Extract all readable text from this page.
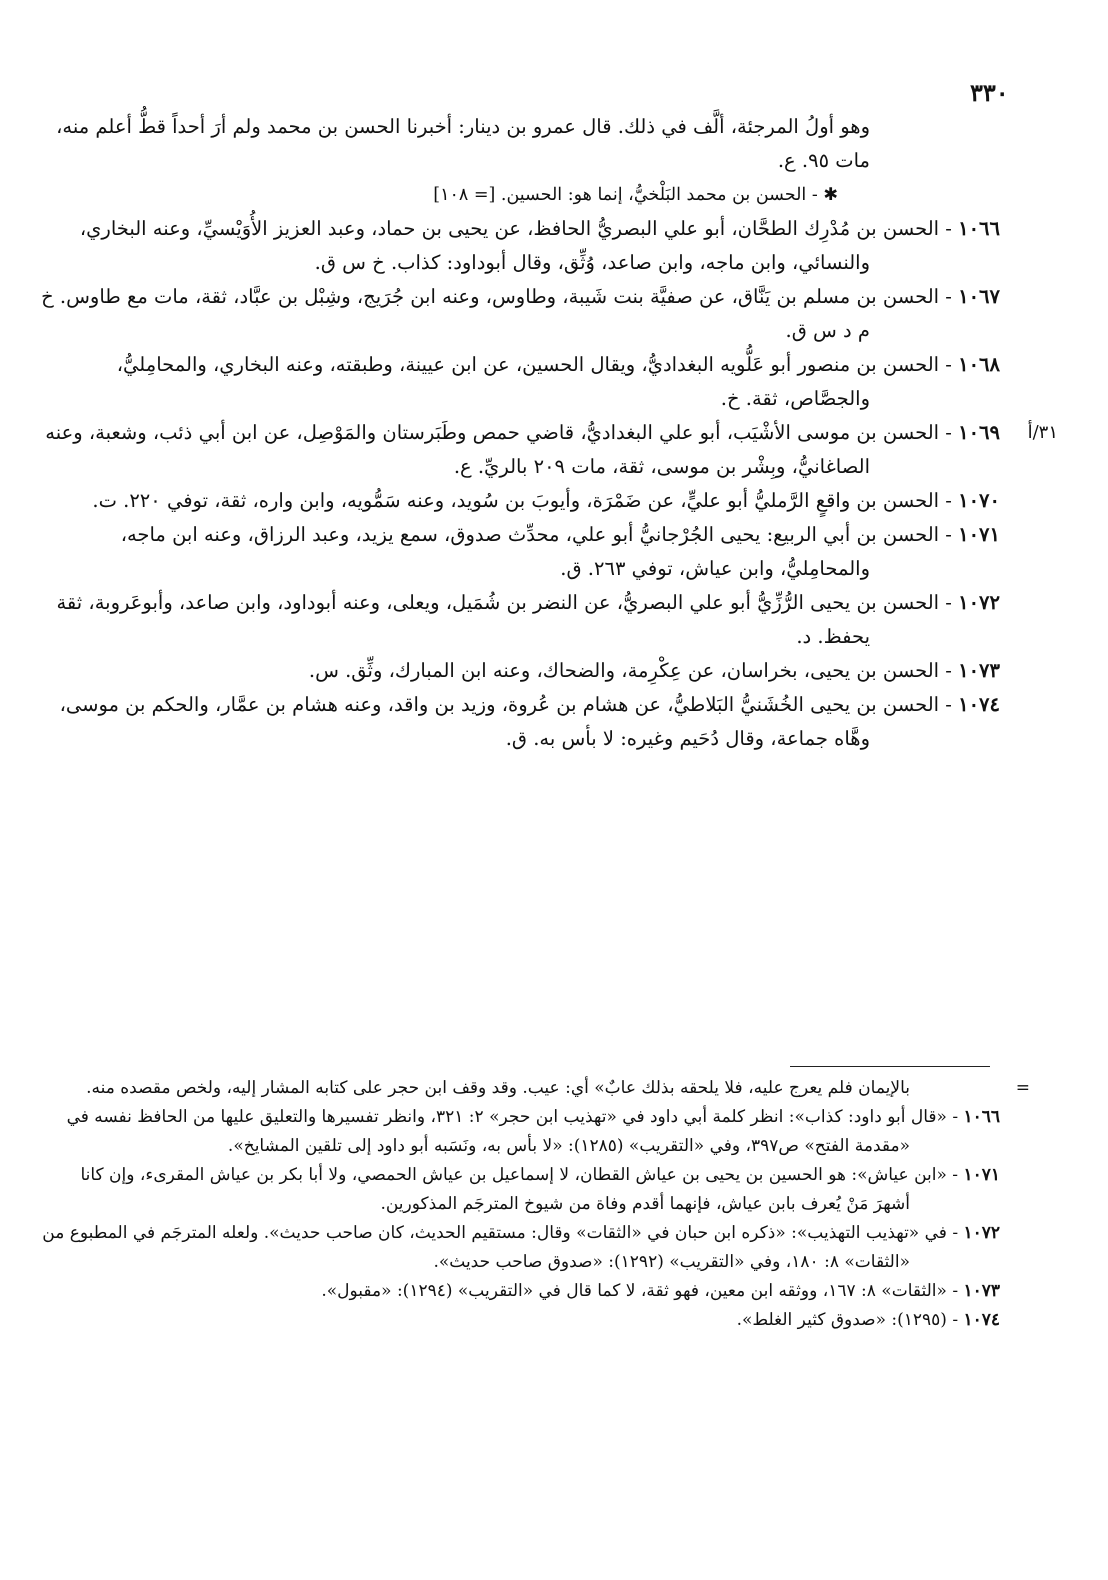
٣٣٠

وهو أولُ المرجئة، ألَّف في ذلك. قال عمرو بن دينار: أخبرنا الحسن بن محمد ولم أرَ أحداً قطُّ أعلم منه، مات ٩٥. ع.

✱ - الحسن بن محمد البَلْخيُّ، إنما هو: الحسين. [= ١٠٨]

١٠٦٦ - الحسن بن مُدْرِك الطحَّان، أبو علي البصريُّ الحافظ، عن يحيى بن حماد، وعبد العزيز الأُوَيْسيِّ، وعنه البخاري، والنسائي، وابن ماجه، وابن صاعد، وُثِّق، وقال أبوداود: كذاب. خ س ق.

١٠٦٧ - الحسن بن مسلم بن يَنَّاق، عن صفيَّة بنت شَيبة، وطاوس، وعنه ابن جُرَيج، وشِبْل بن عبَّاد، ثقة، مات مع طاوس. خ م د س ق.

١٠٦٨ - الحسن بن منصور أبو عَلُّويه البغداديُّ، ويقال الحسين، عن ابن عيينة، وطبقته، وعنه البخاري، والمحامِليُّ، والجصَّاص، ثقة. خ.

٣١/أ
١٠٦٩ - الحسن بن موسى الأشْيَب، أبو علي البغداديُّ، قاضي حمص وطَبَرستان والمَوْصِل، عن ابن أبي ذئب، وشعبة، وعنه الصاغانيُّ، وبِشْر بن موسى، ثقة، مات ٢٠٩ بالريِّ. ع.

١٠٧٠ - الحسن بن واقعٍ الرَّمليُّ أبو عليٍّ، عن ضَمْرَة، وأيوبَ بن سُويد، وعنه سَمُّويه، وابن واره، ثقة، توفي ٢٢٠. ت.

١٠٧١ - الحسن بن أبي الربيع: يحيى الجُرْجانيُّ أبو علي، محدِّث صدوق، سمع يزيد، وعبد الرزاق، وعنه ابن ماجه، والمحامِليُّ، وابن عياش، توفي ٢٦٣. ق.

١٠٧٢ - الحسن بن يحيى الرُّزِّيُّ أبو علي البصريُّ، عن النضر بن شُمَيل، ويعلى، وعنه أبوداود، وابن صاعد، وأبوعَروبة، ثقة يحفظ. د.

١٠٧٣ - الحسن بن يحيى، بخراسان، عن عِكْرِمة، والضحاك، وعنه ابن المبارك، وثِّق. س.

١٠٧٤ - الحسن بن يحيى الخُشَنيُّ البَلاطيُّ، عن هشام بن عُروة، وزيد بن واقد، وعنه هشام بن عمَّار، والحكم بن موسى، وهَّاه جماعة، وقال دُحَيم وغيره: لا بأس به. ق.

=
بالإيمان فلم يعرج عليه، فلا يلحقه بذلك عابٌ» أي: عيب. وقد وقف ابن حجر على كتابه المشار إليه، ولخص مقصده منه.

١٠٦٦ - «قال أبو داود: كذاب»: انظر كلمة أبي داود في «تهذيب ابن حجر» ٢: ٣٢١، وانظر تفسيرها والتعليق عليها من الحافظ نفسه في «مقدمة الفتح» ص٣٩٧، وفي «التقريب» (١٢٨٥): «لا بأس به، ونَسَبه أبو داود إلى تلقين المشايخ».

١٠٧١ - «ابن عياش»: هو الحسين بن يحيى بن عياش القطان، لا إسماعيل بن عياش الحمصي، ولا أبا بكر بن عياش المقرىء، وإن كانا أشهرَ مَنْ يُعرف بابن عياش، فإنهما أقدم وفاة من شيوخ المترجَم المذكورين.

١٠٧٢ - في «تهذيب التهذيب»: «ذكره ابن حبان في «الثقات» وقال: مستقيم الحديث، كان صاحب حديث». ولعله المترجَم في المطبوع من «الثقات» ٨: ١٨٠، وفي «التقريب» (١٢٩٢): «صدوق صاحب حديث».

١٠٧٣ - «الثقات» ٨: ١٦٧، ووثقه ابن معين، فهو ثقة، لا كما قال في «التقريب» (١٢٩٤): «مقبول».

١٠٧٤ - (١٢٩٥): «صدوق كثير الغلط».
